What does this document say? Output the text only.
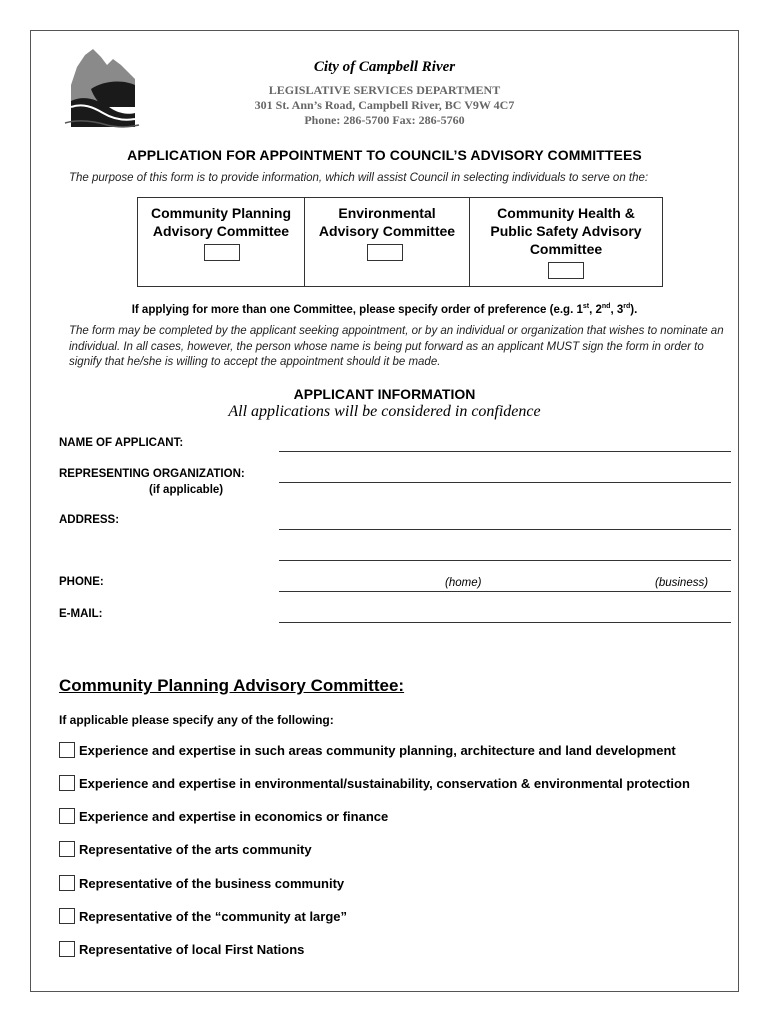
City of Campbell River
LEGISLATIVE SERVICES DEPARTMENT
301 St. Ann’s Road, Campbell River, BC V9W 4C7
Phone: 286-5700 Fax: 286-5760
APPLICATION FOR APPOINTMENT TO COUNCIL’S ADVISORY COMMITTEES
The purpose of this form is to provide information, which will assist Council in selecting individuals to serve on the:
Community Planning
Advisory Committee
Environmental
Advisory Committee
Community Health &
Public Safety Advisory
Committee
If applying for more than one Committee, please specify order of preference (e.g. 1st, 2nd, 3rd).
The form may be completed by the applicant seeking appointment, or by an individual or organization that wishes to nominate an individual. In all cases, however, the person whose name is being put forward as an applicant MUST sign the form in order to signify that he/she is willing to accept the appointment should it be made.
APPLICANT INFORMATION
All applications will be considered in confidence
NAME OF APPLICANT:
REPRESENTING ORGANIZATION:
(if applicable)
ADDRESS:
PHONE:	(home)	(business)
E-MAIL:
Community Planning Advisory Committee:
If applicable please specify any of the following:
Experience and expertise in such areas community planning, architecture and land development
Experience and expertise in environmental/sustainability, conservation & environmental protection
Experience and expertise in economics or finance
Representative of the arts community
Representative of the business community
Representative of the “community at large”
Representative of local First Nations
